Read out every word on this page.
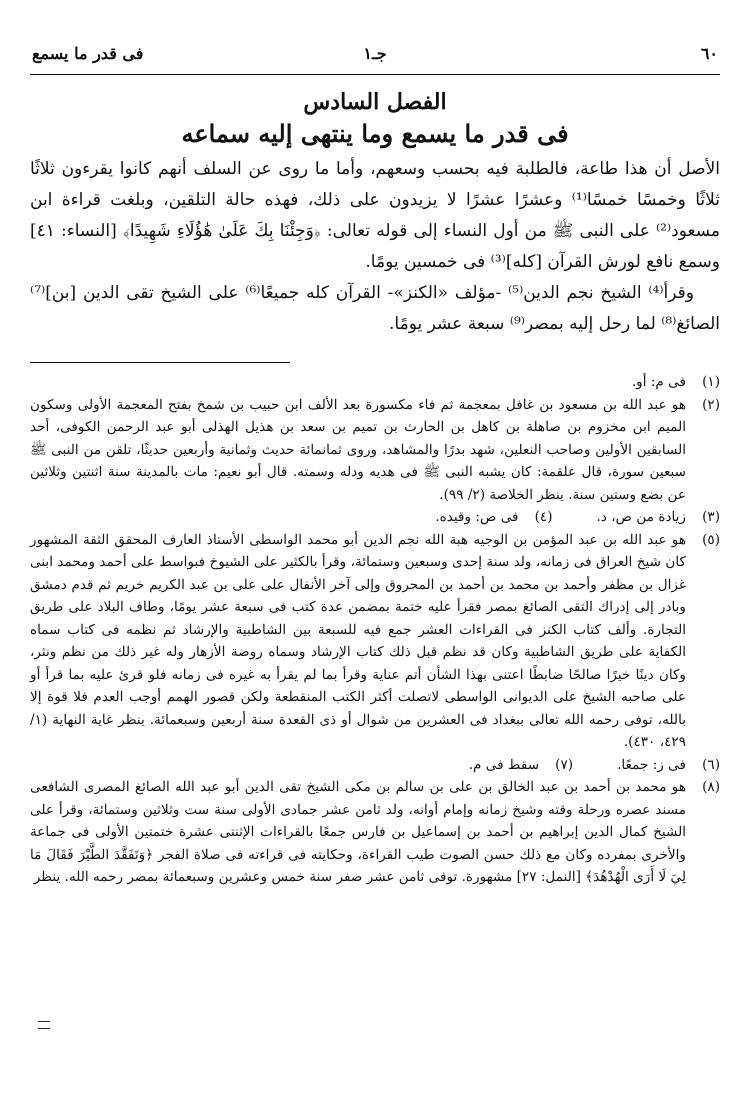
٦٠
جـ١
فى قدر ما يسمع
الفصل السادس
فى قدر ما يسمع وما ينتهى إليه سماعه

الأصل أن هذا طاعة، فالطلبة فيه بحسب وسعهم، وأما ما روى عن السلف أنهم كانوا يقرءون ثلاثًا ثلاثًا وخمسًا خمسًا⁽¹⁾ وعشرًا عشرًا لا يزيدون على ذلك، فهذه حالة التلقين، وبلغت قراءة ابن مسعود⁽²⁾ على النبى ﷺ من أول النساء إلى قوله تعالى: ﴿وَجِئْنَا بِكَ عَلَىٰ هَٰؤُلَاءِ شَهِيدًا﴾ [النساء: ٤١] وسمع نافع لورش القرآن [كله]⁽³⁾ فى خمسين يومًا.

وقرأ⁽⁴⁾ الشيخ نجم الدين⁽⁵⁾ -مؤلف «الكنز»- القرآن كله جميعًا⁽⁶⁾ على الشيخ تقى الدين [بن]⁽⁷⁾ الصائغ⁽⁸⁾ لما رحل إليه بمصر⁽⁹⁾ سبعة عشر يومًا.

(١)
فى م: أو.
(٢)
هو عبد الله بن مسعود بن غافل بمعجمة ثم فاء مكسورة بعد الألف ابن حبيب بن شمخ بفتح المعجمة الأولى وسكون الميم ابن مخزوم بن صاهلة بن كاهل بن الحارث بن تميم بن سعد بن هذيل الهذلى أبو عبد الرحمن الكوفى، أحد السابقين الأولين وصاحب النعلين، شهد بدرًا والمشاهد، وروى ثمانمائة حديث وثمانية وأربعين حديثًا، تلقن من النبى ﷺ سبعين سورة، قال علقمة: كان يشبه النبى ﷺ فى هديه ودله وسمته. قال أبو نعيم: مات بالمدينة سنة اثنتين وثلاثين عن بضع وستين سنة. ينظر الخلاصة (٢/ ٩٩).
(٣)
زيادة من ص، د.
(٤)
فى ص: وقيده.
(٥)
هو عبد الله بن عبد المؤمن بن الوجيه هبة الله نجم الدين أبو محمد الواسطى الأستاذ العارف المحقق الثقة المشهور كان شيخ العراق فى زمانه، ولد سنة إحدى وسبعين وستمائة، وقرأ بالكثير على الشيوخ فبواسط على أحمد ومحمد ابنى غزال بن مظفر وأحمد بن محمد بن أحمد بن المحروق وإلى آخر الأنفال على على بن عبد الكريم خريم ثم قدم دمشق وبادر إلى إدراك التقى الصائغ بمصر فقرأ عليه ختمة بمضمن عدة كتب فى سبعة عشر يومًا، وطاف البلاد على طريق التجارة. وألف كتاب الكنز فى القراءات العشر جمع فيه للسبعة بين الشاطبية والإرشاد ثم نظمه فى كتاب سماه الكفاية على طريق الشاطبية وكان قد نظم قبل ذلك كتاب الإرشاد وسماه روضة الأزهار وله غير ذلك من نظم ونثر، وكان دينًا خيرًا صالحًا ضابطًا اعتنى بهذا الشأن أتم عناية وقرأ بما لم يقرأ به غيره فى زمانه فلو قرئ عليه بما قرأ أو على صاحبه الشيخ على الديوانى الواسطى لاتصلت أكثر الكتب المنقطعة ولكن قصور الهمم أوجب العدم فلا قوة إلا بالله، توفى رحمه الله تعالى ببغداد فى العشرين من شوال أو ذى القعدة سنة أربعين وسبعمائة. ينظر غاية النهاية (١/ ٤٢٩، ٤٣٠).
(٦)
فى ز: جمعًا.
(٧)
سقط فى م.
(٨)
هو محمد بن أحمد بن عبد الخالق بن على بن سالم بن مكى الشيخ تقى الدين أبو عبد الله الصائغ المصرى الشافعى مسند عصره ورحلة وقته وشيخ زمانه وإمام أوانه، ولد ثامن عشر جمادى الأولى سنة ست وثلاثين وستمائة، وقرأ على الشيخ كمال الدين إبراهيم بن أحمد بن إسماعيل بن فارس جمعًا بالقراءات الإثنتى عشرة ختمتين الأولى فى جماعة والأخرى بمفرده وكان مع ذلك حسن الصوت طيب القراءة، وحكايته فى قراءته فى صلاة الفجر ﴿وَتَفَقَّدَ الطَّيْرَ فَقَالَ مَا لِيَ لَا أَرَى الْهُدْهُدَ﴾ [النمل: ٢٧] مشهورة. توفى ثامن عشر صفر سنة خمس وعشرين وسبعمائة بمصر رحمه الله. ينظر
